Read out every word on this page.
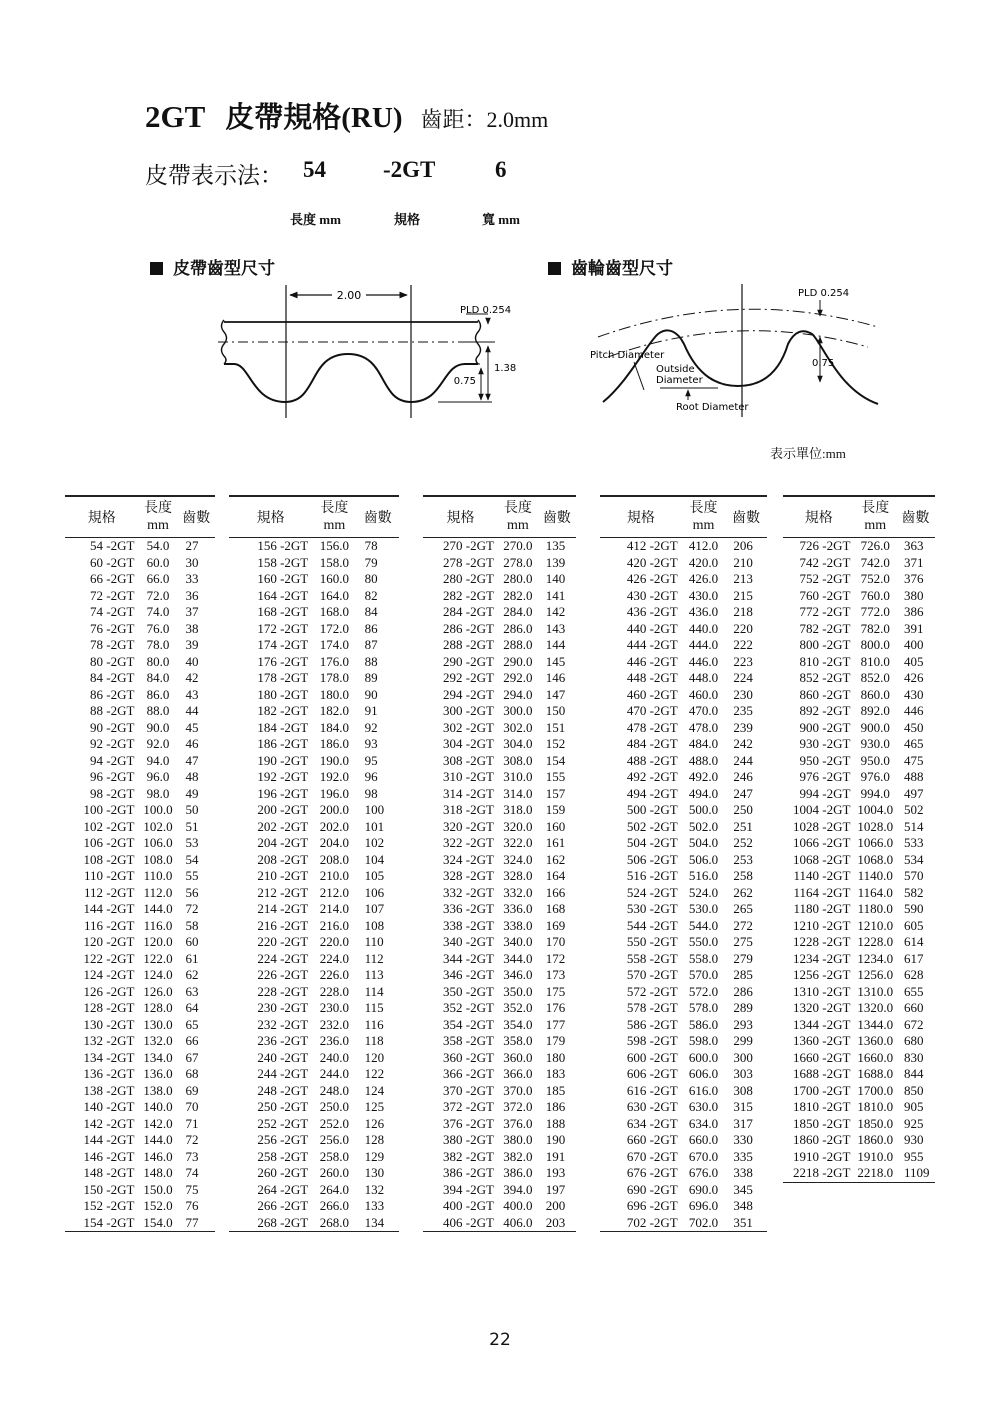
2GT 皮帶規格(RU) 齒距：2.0mm
皮帶表示法： 54 -2GT	6
長度 mm	規格	寬 mm
皮帶齒型尺寸	齒輪齒型尺寸
2.00
PLD 0.254
1.38
0.75
PLD 0.254
0.75
Pitch Diameter
Outside
Diameter
Root Diameter
表示單位:mm
規格	長度
mm	齒數
54 -2GT	54.0	27
60 -2GT	60.0	30
66 -2GT	66.0	33
72 -2GT	72.0	36
74 -2GT	74.0	37
76 -2GT	76.0	38
78 -2GT	78.0	39
80 -2GT	80.0	40
84 -2GT	84.0	42
86 -2GT	86.0	43
88 -2GT	88.0	44
90 -2GT	90.0	45
92 -2GT	92.0	46
94 -2GT	94.0	47
96 -2GT	96.0	48
98 -2GT	98.0	49
100 -2GT	100.0	50
102 -2GT	102.0	51
106 -2GT	106.0	53
108 -2GT	108.0	54
110 -2GT	110.0	55
112 -2GT	112.0	56
144 -2GT	144.0	72
116 -2GT	116.0	58
120 -2GT	120.0	60
122 -2GT	122.0	61
124 -2GT	124.0	62
126 -2GT	126.0	63
128 -2GT	128.0	64
130 -2GT	130.0	65
132 -2GT	132.0	66
134 -2GT	134.0	67
136 -2GT	136.0	68
138 -2GT	138.0	69
140 -2GT	140.0	70
142 -2GT	142.0	71
144 -2GT	144.0	72
146 -2GT	146.0	73
148 -2GT	148.0	74
150 -2GT	150.0	75
152 -2GT	152.0	76
154 -2GT	154.0	77
規格	長度
mm	齒數
156 -2GT	156.0	78
158 -2GT	158.0	79
160 -2GT	160.0	80
164 -2GT	164.0	82
168 -2GT	168.0	84
172 -2GT	172.0	86
174 -2GT	174.0	87
176 -2GT	176.0	88
178 -2GT	178.0	89
180 -2GT	180.0	90
182 -2GT	182.0	91
184 -2GT	184.0	92
186 -2GT	186.0	93
190 -2GT	190.0	95
192 -2GT	192.0	96
196 -2GT	196.0	98
200 -2GT	200.0	100
202 -2GT	202.0	101
204 -2GT	204.0	102
208 -2GT	208.0	104
210 -2GT	210.0	105
212 -2GT	212.0	106
214 -2GT	214.0	107
216 -2GT	216.0	108
220 -2GT	220.0	110
224 -2GT	224.0	112
226 -2GT	226.0	113
228 -2GT	228.0	114
230 -2GT	230.0	115
232 -2GT	232.0	116
236 -2GT	236.0	118
240 -2GT	240.0	120
244 -2GT	244.0	122
248 -2GT	248.0	124
250 -2GT	250.0	125
252 -2GT	252.0	126
256 -2GT	256.0	128
258 -2GT	258.0	129
260 -2GT	260.0	130
264 -2GT	264.0	132
266 -2GT	266.0	133
268 -2GT	268.0	134
規格	長度
mm	齒數
270 -2GT	270.0	135
278 -2GT	278.0	139
280 -2GT	280.0	140
282 -2GT	282.0	141
284 -2GT	284.0	142
286 -2GT	286.0	143
288 -2GT	288.0	144
290 -2GT	290.0	145
292 -2GT	292.0	146
294 -2GT	294.0	147
300 -2GT	300.0	150
302 -2GT	302.0	151
304 -2GT	304.0	152
308 -2GT	308.0	154
310 -2GT	310.0	155
314 -2GT	314.0	157
318 -2GT	318.0	159
320 -2GT	320.0	160
322 -2GT	322.0	161
324 -2GT	324.0	162
328 -2GT	328.0	164
332 -2GT	332.0	166
336 -2GT	336.0	168
338 -2GT	338.0	169
340 -2GT	340.0	170
344 -2GT	344.0	172
346 -2GT	346.0	173
350 -2GT	350.0	175
352 -2GT	352.0	176
354 -2GT	354.0	177
358 -2GT	358.0	179
360 -2GT	360.0	180
366 -2GT	366.0	183
370 -2GT	370.0	185
372 -2GT	372.0	186
376 -2GT	376.0	188
380 -2GT	380.0	190
382 -2GT	382.0	191
386 -2GT	386.0	193
394 -2GT	394.0	197
400 -2GT	400.0	200
406 -2GT	406.0	203
規格	長度
mm	齒數
412 -2GT	412.0	206
420 -2GT	420.0	210
426 -2GT	426.0	213
430 -2GT	430.0	215
436 -2GT	436.0	218
440 -2GT	440.0	220
444 -2GT	444.0	222
446 -2GT	446.0	223
448 -2GT	448.0	224
460 -2GT	460.0	230
470 -2GT	470.0	235
478 -2GT	478.0	239
484 -2GT	484.0	242
488 -2GT	488.0	244
492 -2GT	492.0	246
494 -2GT	494.0	247
500 -2GT	500.0	250
502 -2GT	502.0	251
504 -2GT	504.0	252
506 -2GT	506.0	253
516 -2GT	516.0	258
524 -2GT	524.0	262
530 -2GT	530.0	265
544 -2GT	544.0	272
550 -2GT	550.0	275
558 -2GT	558.0	279
570 -2GT	570.0	285
572 -2GT	572.0	286
578 -2GT	578.0	289
586 -2GT	586.0	293
598 -2GT	598.0	299
600 -2GT	600.0	300
606 -2GT	606.0	303
616 -2GT	616.0	308
630 -2GT	630.0	315
634 -2GT	634.0	317
660 -2GT	660.0	330
670 -2GT	670.0	335
676 -2GT	676.0	338
690 -2GT	690.0	345
696 -2GT	696.0	348
702 -2GT	702.0	351
規格	長度
mm	齒數
726 -2GT	726.0	363
742 -2GT	742.0	371
752 -2GT	752.0	376
760 -2GT	760.0	380
772 -2GT	772.0	386
782 -2GT	782.0	391
800 -2GT	800.0	400
810 -2GT	810.0	405
852 -2GT	852.0	426
860 -2GT	860.0	430
892 -2GT	892.0	446
900 -2GT	900.0	450
930 -2GT	930.0	465
950 -2GT	950.0	475
976 -2GT	976.0	488
994 -2GT	994.0	497
1004 -2GT	1004.0	502
1028 -2GT	1028.0	514
1066 -2GT	1066.0	533
1068 -2GT	1068.0	534
1140 -2GT	1140.0	570
1164 -2GT	1164.0	582
1180 -2GT	1180.0	590
1210 -2GT	1210.0	605
1228 -2GT	1228.0	614
1234 -2GT	1234.0	617
1256 -2GT	1256.0	628
1310 -2GT	1310.0	655
1320 -2GT	1320.0	660
1344 -2GT	1344.0	672
1360 -2GT	1360.0	680
1660 -2GT	1660.0	830
1688 -2GT	1688.0	844
1700 -2GT	1700.0	850
1810 -2GT	1810.0	905
1850 -2GT	1850.0	925
1860 -2GT	1860.0	930
1910 -2GT	1910.0	955
2218 -2GT	2218.0	1109
22
